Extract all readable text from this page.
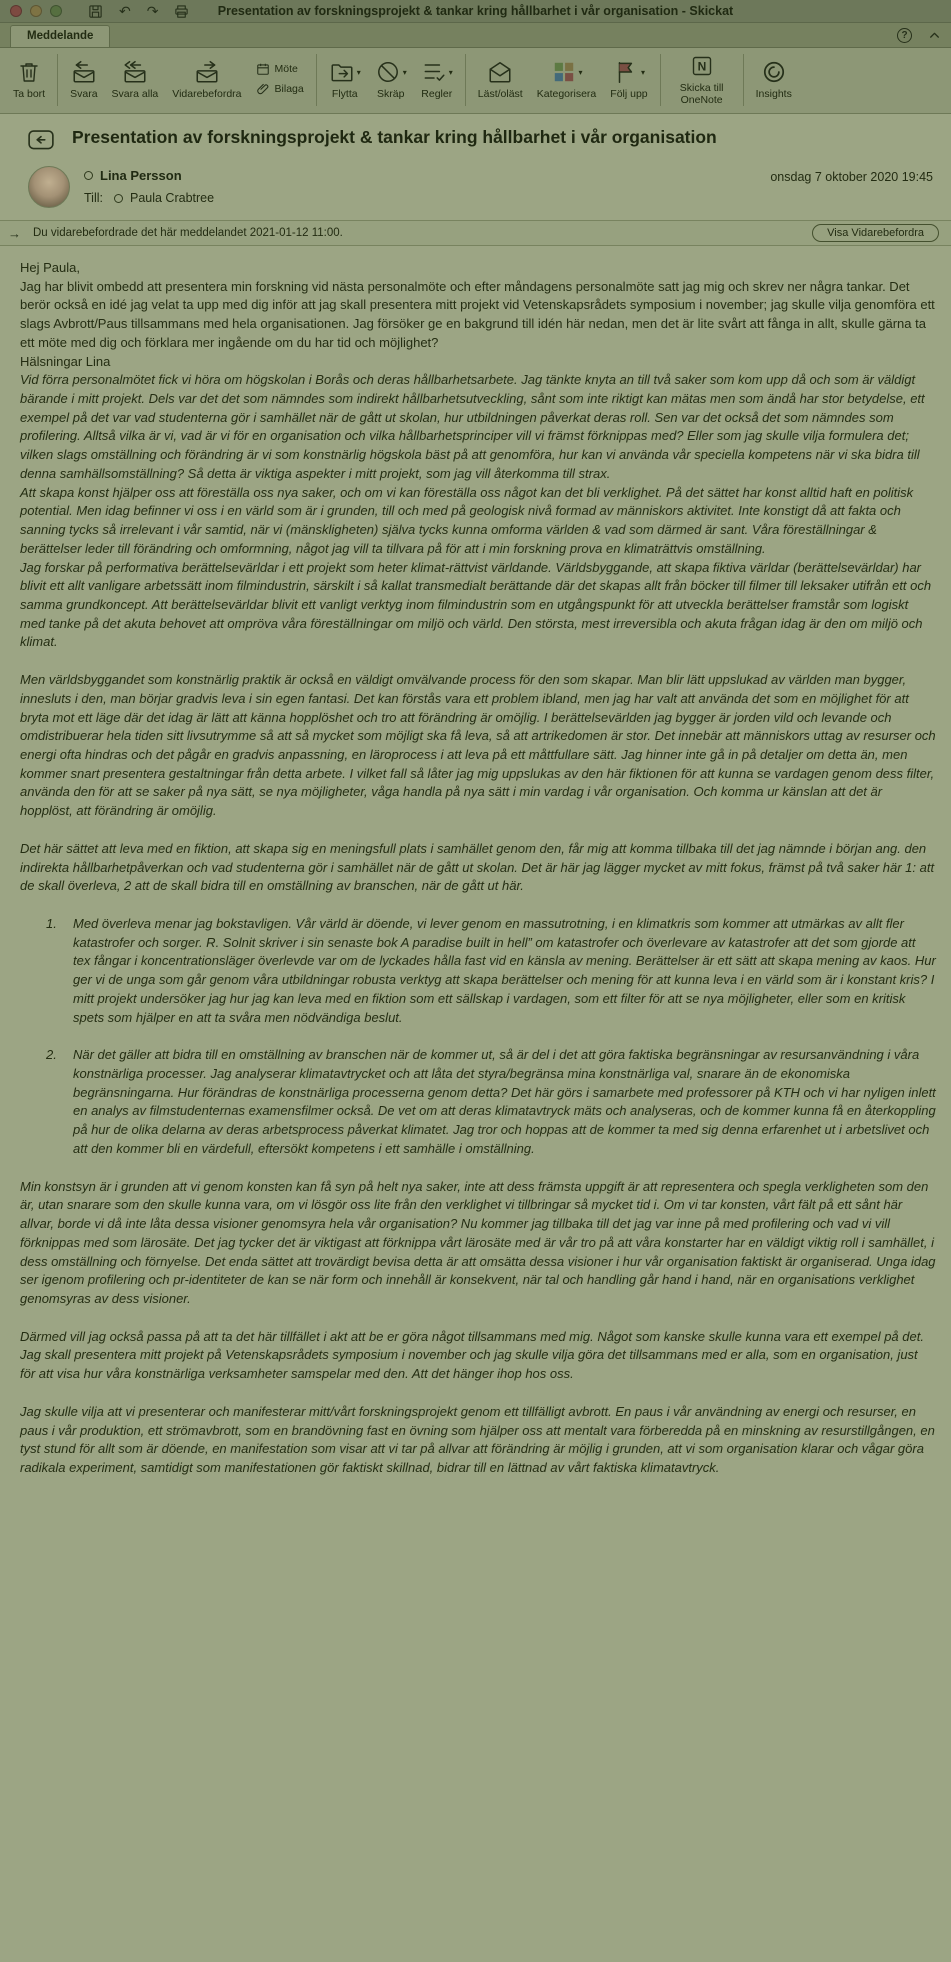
↶ ↷	Presentation av forskningsprojekt & tankar kring hållbarhet i vår organisation - Skickat
Meddelande	?
Ta bort Svara Svara alla Vidarebefordra
Möte
Bilaga
▾
Flytta
▾
Skräp
▾
Regler Läst/oläst
▾
Kategorisera
▾
Följ upp
N
Skicka till OneNote	Insights
Presentation av forskningsprojekt & tankar kring hållbarhet i vår organisation
Lina Persson
Till: Paula Crabtree
onsdag 7 oktober 2020 19:45
→ Du vidarebefordrade det här meddelandet 2021-01-12 11:00.	Visa Vidarebefordra
Hej Paula,
Jag har blivit ombedd att presentera min forskning vid nästa personalmöte och efter måndagens personalmöte satt jag mig och skrev ner några tankar. Det berör också en idé jag velat ta upp med dig inför att jag skall presentera mitt projekt vid Vetenskapsrådets symposium i november; jag skulle vilja genomföra ett slags Avbrott/Paus tillsammans med hela organisationen. Jag försöker ge en bakgrund till idén här nedan, men det är lite svårt att fånga in allt, skulle gärna ta ett möte med dig och förklara mer ingående om du har tid och möjlighet?
Hälsningar Lina
Vid förra personalmötet fick vi höra om högskolan i Borås och deras hållbarhetsarbete. Jag tänkte knyta an till två saker som kom upp då och som är väldigt bärande i mitt projekt. Dels var det det som nämndes som indirekt hållbarhetsutveckling, sånt som inte riktigt kan mätas men som ändå har stor betydelse, ett exempel på det var vad studenterna gör i samhället när de gått ut skolan, hur utbildningen påverkat deras roll. Sen var det också det som nämndes som profilering. Alltså vilka är vi, vad är vi för en organisation och vilka hållbarhetsprinciper vill vi främst förknippas med? Eller som jag skulle vilja formulera det; vilken slags omställning och förändring är vi som konstnärlig högskola bäst på att genomföra, hur kan vi använda vår speciella kompetens när vi ska bidra till denna samhällsomställning? Så detta är viktiga aspekter i mitt projekt, som jag vill återkomma till strax.
Att skapa konst hjälper oss att föreställa oss nya saker, och om vi kan föreställa oss något kan det bli verklighet. På det sättet har konst alltid haft en politisk potential. Men idag befinner vi oss i en värld som är i grunden, till och med på geologisk nivå formad av människors aktivitet. Inte konstigt då att fakta och sanning tycks så irrelevant i vår samtid, när vi (mänskligheten) själva tycks kunna omforma världen & vad som därmed är sant. Våra föreställningar & berättelser leder till förändring och omformning, något jag vill ta tillvara på för att i min forskning prova en klimaträttvis omställning.
Jag forskar på performativa berättelsevärldar i ett projekt som heter klimat-rättvist världande. Världsbyggande, att skapa fiktiva världar (berättelsevärldar) har blivit ett allt vanligare arbetssätt inom filmindustrin, särskilt i så kallat transmedialt berättande där det skapas allt från böcker till filmer till leksaker utifrån ett och samma grundkoncept. Att berättelsevärldar blivit ett vanligt verktyg inom filmindustrin som en utgångspunkt för att utveckla berättelser framstår som logiskt med tanke på det akuta behovet att ompröva våra föreställningar om miljö och värld. Den största, mest irreversibla och akuta frågan idag är den om miljö och klimat.
Men världsbyggandet som konstnärlig praktik är också en väldigt omvälvande process för den som skapar. Man blir lätt uppslukad av världen man bygger, innesluts i den, man börjar gradvis leva i sin egen fantasi. Det kan förstås vara ett problem ibland, men jag har valt att använda det som en möjlighet för att bryta mot ett läge där det idag är lätt att känna hopplöshet och tro att förändring är omöjlig. I berättelsevärlden jag bygger är jorden vild och levande och omdistribuerar hela tiden sitt livsutrymme så att så mycket som möjligt ska få leva, så att artrikedomen är stor. Det innebär att människors uttag av resurser och energi ofta hindras och det pågår en gradvis anpassning, en läroprocess i att leva på ett måttfullare sätt. Jag hinner inte gå in på detaljer om detta än, men kommer snart presentera gestaltningar från detta arbete. I vilket fall så låter jag mig uppslukas av den här fiktionen för att kunna se vardagen genom dess filter, använda den för att se saker på nya sätt, se nya möjligheter, våga handla på nya sätt i min vardag i vår organisation. Och komma ur känslan att det är hopplöst, att förändring är omöjlig.
Det här sättet att leva med en fiktion, att skapa sig en meningsfull plats i samhället genom den, får mig att komma tillbaka till det jag nämnde i början ang. den indirekta hållbarhetpåverkan och vad studenterna gör i samhället när de gått ut skolan. Det är här jag lägger mycket av mitt fokus, främst på två saker här 1: att de skall överleva, 2 att de skall bidra till en omställning av branschen, när de gått ut här.
1.	Med överleva menar jag bokstavligen. Vår värld är döende, vi lever genom en massutrotning, i en klimatkris som kommer att utmärkas av allt fler katastrofer och sorger. R. Solnit skriver i sin senaste bok A paradise built in hell” om katastrofer och överlevare av katastrofer att det som gjorde att tex fångar i koncentrationsläger överlevde var om de lyckades hålla fast vid en känsla av mening. Berättelser är ett sätt att skapa mening av kaos. Hur ger vi de unga som går genom våra utbildningar robusta verktyg att skapa berättelser och mening för att kunna leva i en värld som är i konstant kris? I mitt projekt undersöker jag hur jag kan leva med en fiktion som ett sällskap i vardagen, som ett filter för att se nya möjligheter, eller som en kritisk spets som hjälper en att ta svåra men nödvändiga beslut.
2.	När det gäller att bidra till en omställning av branschen när de kommer ut, så är del i det att göra faktiska begränsningar av resursanvändning i våra konstnärliga processer. Jag analyserar klimatavtrycket och att låta det styra/begränsa mina konstnärliga val, snarare än de ekonomiska begränsningarna. Hur förändras de konstnärliga processerna genom detta? Det här görs i samarbete med professorer på KTH och vi har nyligen inlett en analys av filmstudenternas examensfilmer också. De vet om att deras klimatavtryck mäts och analyseras, och de kommer kunna få en återkoppling på hur de olika delarna av deras arbetsprocess påverkat klimatet. Jag tror och hoppas att de kommer ta med sig denna erfarenhet ut i arbetslivet och att den kommer bli en värdefull, eftersökt kompetens i ett samhälle i omställning.
Min konstsyn är i grunden att vi genom konsten kan få syn på helt nya saker, inte att dess främsta uppgift är att representera och spegla verkligheten som den är, utan snarare som den skulle kunna vara, om vi lösgör oss lite från den verklighet vi tillbringar så mycket tid i. Om vi tar konsten, vårt fält på ett sånt här allvar, borde vi då inte låta dessa visioner genomsyra hela vår organisation? Nu kommer jag tillbaka till det jag var inne på med profilering och vad vi vill förknippas med som lärosäte. Det jag tycker det är viktigast att förknippa vårt lärosäte med är vår tro på att våra konstarter har en väldigt viktig roll i samhället, i dess omställning och förnyelse. Det enda sättet att trovärdigt bevisa detta är att omsätta dessa visioner i hur vår organisation faktiskt är organiserad. Unga idag ser igenom profilering och pr-identiteter de kan se när form och innehåll är konsekvent, när tal och handling går hand i hand, när en organisations verklighet genomsyras av dess visioner.
Därmed vill jag också passa på att ta det här tillfället i akt att be er göra något tillsammans med mig. Något som kanske skulle kunna vara ett exempel på det. Jag skall presentera mitt projekt på Vetenskapsrådets symposium i november och jag skulle vilja göra det tillsammans med er alla, som en organisation, just för att visa hur våra konstnärliga verksamheter samspelar med den. Att det hänger ihop hos oss.
Jag skulle vilja att vi presenterar och manifesterar mitt/vårt forskningsprojekt genom ett tillfälligt avbrott. En paus i vår användning av energi och resurser, en paus i vår produktion, ett strömavbrott, som en brandövning fast en övning som hjälper oss att mentalt vara förberedda på en minskning av resurstillgången, en tyst stund för allt som är döende, en manifestation som visar att vi tar på allvar att förändring är möjlig i grunden, att vi som organisation klarar och vågar göra radikala experiment, samtidigt som manifestationen gör faktiskt skillnad, bidrar till en lättnad av vårt faktiska klimatavtryck.
